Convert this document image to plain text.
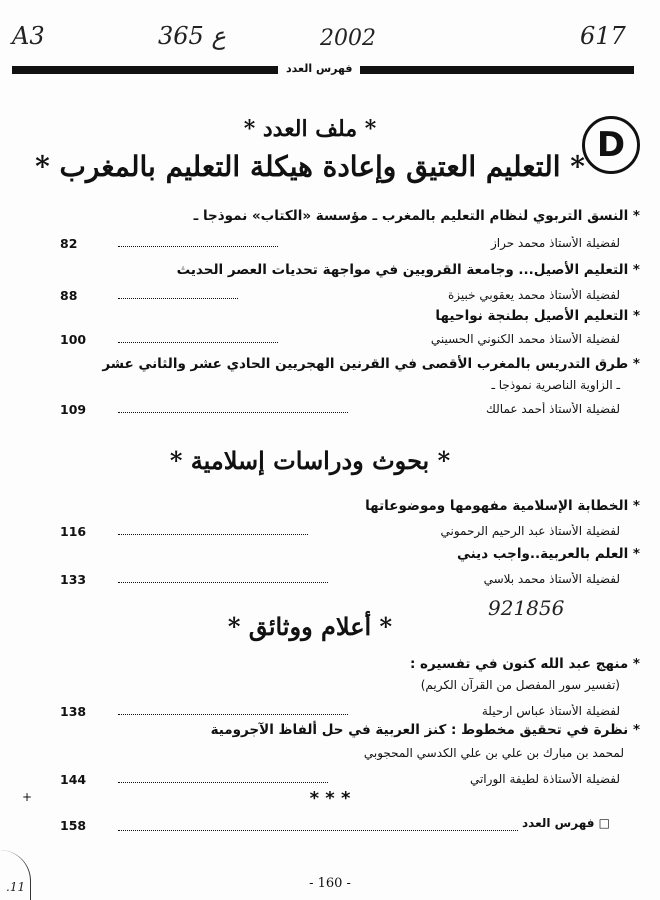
A3	365 ع	2002	617
فهرس العدد
D
* ملف العدد *
* التعليم العتيق وإعادة هيكلة التعليم بالمغرب *
* النسق التربوي لنظام التعليم بالمغرب ـ مؤسسة «الكتاب» نموذجا ـ
لفضيلة الأستاذ محمد حراز
82
* التعليم الأصيل... وجامعة القرويين في مواجهة تحديات العصر الحديث
لفضيلة الأستاذ محمد يعقوبي خبيزة
88
* التعليم الأصيل بطنجة نواحيها
لفضيلة الأستاذ محمد الكنوني الحسيني
100
* طرق التدريس بالمغرب الأقصى في القرنين الهجريين الحادي عشر والثاني عشر
ـ الزاوية الناصرية نموذجا ـ
لفضيلة الأستاذ أحمد عمالك
109
* بحوث ودراسات إسلامية *
* الخطابة الإسلامية مفهومها وموضوعاتها
لفضيلة الأستاذ عبد الرحيم الرحموني
116
* العلم بالعربية..واجب ديني
لفضيلة الأستاذ محمد بلاسي
133
921856
* أعلام ووثائق *
* منهج عبد الله كنون في تفسيره :
(تفسير سور المفصل من القرآن الكريم)
لفضيلة الأستاذ عباس ارحيلة
138
* نظرة في تحقيق مخطوط : كنز العربية في حل ألفاظ الآجرومية
لمحمد بن مبارك بن علي بن علي الكدسي المحجوبي
لفضيلة الأستاذة لطيفة الوراتي
144
* * *
□ فهرس العدد
158
- 160 -
+
.11
